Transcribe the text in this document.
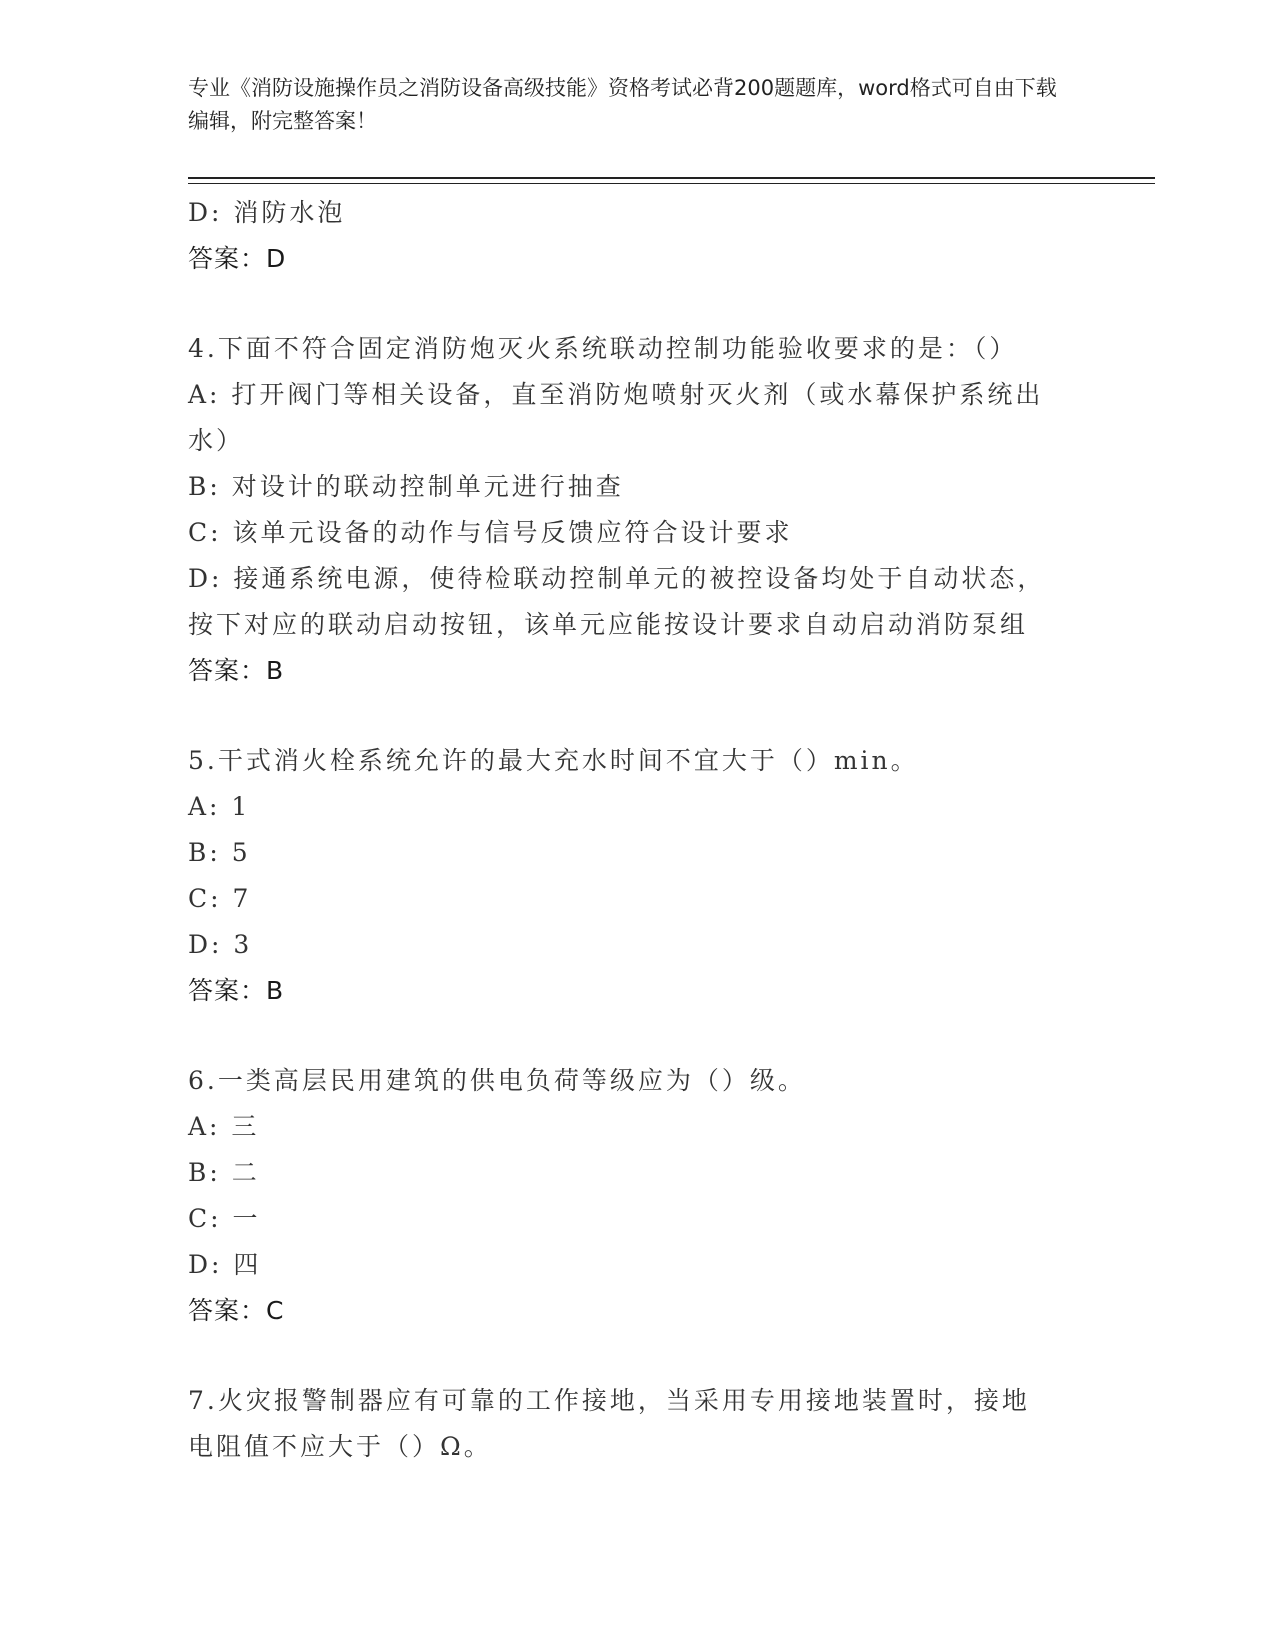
专业《消防设施操作员之消防设备高级技能》资格考试必背200题题库，word格式可自由下载编辑，附完整答案！
D: 消防水泡
答案：D
4.下面不符合固定消防炮灭火系统联动控制功能验收要求的是：（）
A: 打开阀门等相关设备，直至消防炮喷射灭火剂（或水幕保护系统出
水）
B: 对设计的联动控制单元进行抽查
C: 该单元设备的动作与信号反馈应符合设计要求
D: 接通系统电源，使待检联动控制单元的被控设备均处于自动状态，
按下对应的联动启动按钮，该单元应能按设计要求自动启动消防泵组
答案：B
5.干式消火栓系统允许的最大充水时间不宜大于（）min。
A: 1
B: 5
C: 7
D: 3
答案：B
6.一类高层民用建筑的供电负荷等级应为（）级。
A: 三
B: 二
C: 一
D: 四
答案：C
7.火灾报警制器应有可靠的工作接地，当采用专用接地装置时，接地
电阻值不应大于（）Ω。
